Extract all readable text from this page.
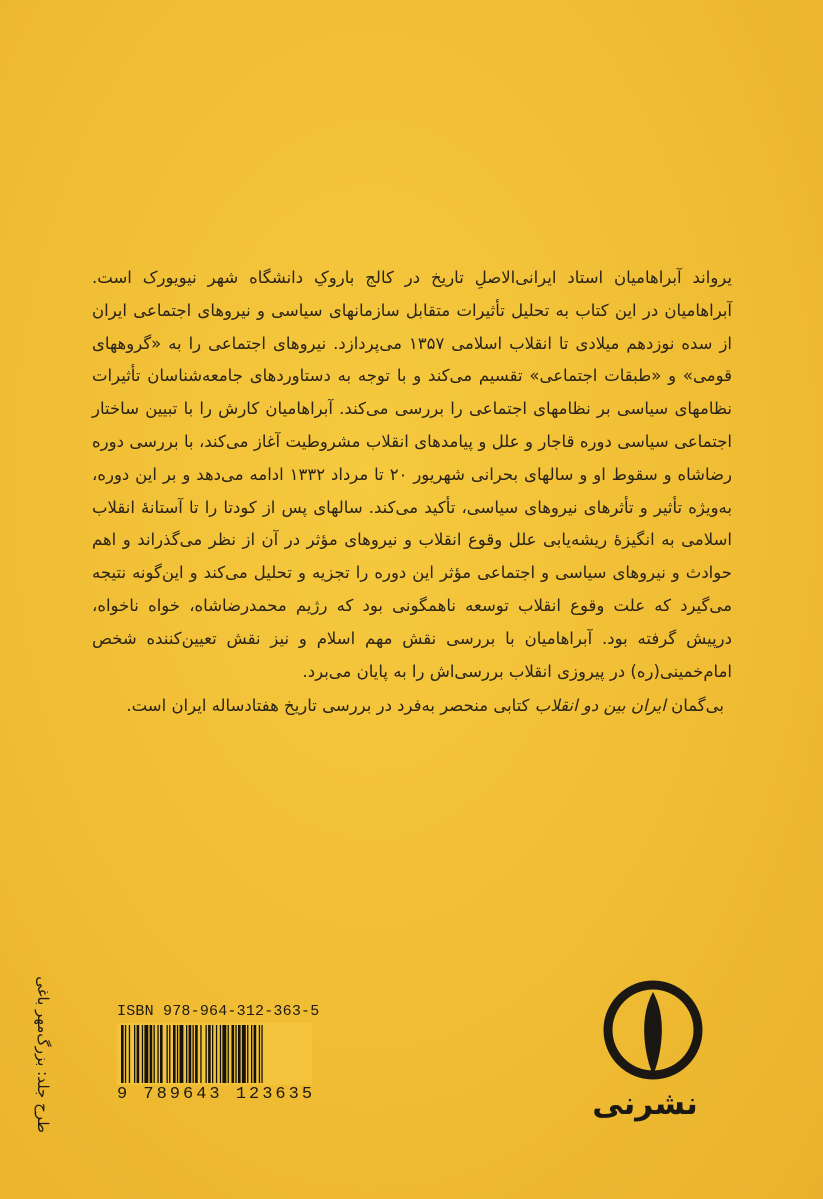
یرواند آبراهامیان استاد ایرانی‌الاصلِ تاریخ در کالج باروکِ دانشگاه شهر نیویورک است. آبراهامیان در این کتاب به تحلیل تأثیرات متقابل سازمانهای سیاسی و نیروهای اجتماعی ایران از سده نوزدهم میلادی تا انقلاب اسلامی ۱۳۵۷ می‌پردازد. نیروهای اجتماعی را به «گروههای قومی» و «طبقات اجتماعی» تقسیم می‌کند و با توجه به دستاوردهای جامعه‌شناسان تأثیرات نظامهای سیاسی بر نظامهای اجتماعی را بررسی می‌کند. آبراهامیان کارش را با تبیین ساختار اجتماعی سیاسی دوره قاجار و علل و پیامدهای انقلاب مشروطیت آغاز می‌کند، با بررسی دوره رضاشاه و سقوط او و سالهای بحرانی شهریور ۲۰ تا مرداد ۱۳۳۲ ادامه می‌دهد و بر این دوره، به‌ویژه تأثیر و تأثرهای نیروهای سیاسی، تأکید می‌کند. سالهای پس از کودتا را تا آستانهٔ انقلاب اسلامی به انگیزهٔ ریشه‌یابی علل وقوع انقلاب و نیروهای مؤثر در آن از نظر می‌گذراند و اهم حوادث و نیروهای سیاسی و اجتماعی مؤثر این دوره را تجزیه و تحلیل می‌کند و این‌گونه نتیجه می‌گیرد که علت وقوع انقلاب توسعه ناهمگونی بود که رژیم محمدرضاشاه، خواه ناخواه، درپیش گرفته بود. آبراهامیان با بررسی نقش مهم اسلام و نیز نقش تعیین‌کننده شخص امام‌خمینی(ره) در پیروزی انقلاب بررسی‌اش را به پایان می‌برد.

بی‌گمان ایران بین دو انقلاب کتابی منحصر به‌فرد در بررسی تاریخ هفتادساله ایران است.

طرح جلد: بزرگ‌مهر باغی	ISBN 978-964-312-363-5
9 789643 123635	نشرنی
